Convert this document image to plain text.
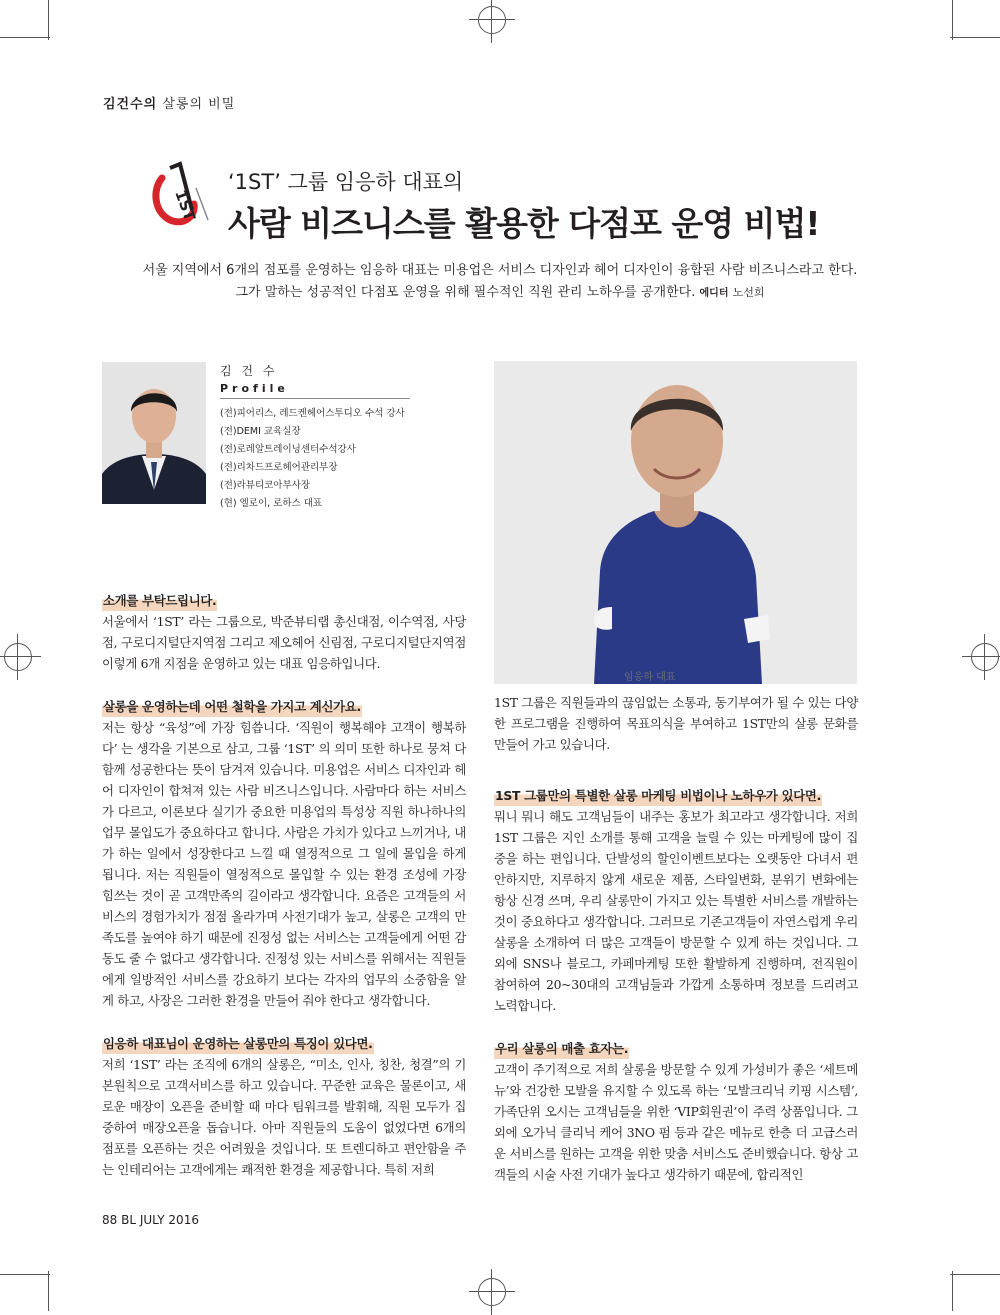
김건수의 살롱의 비밀
1ST
‘1ST’ 그룹 임응하 대표의
사람 비즈니스를 활용한 다점포 운영 비법!
서울 지역에서 6개의 점포를 운영하는 임응하 대표는 미용업은 서비스 디자인과 헤어 디자인이 융합된 사람 비즈니스라고 한다.
그가 말하는 성공적인 다점포 운영을 위해 필수적인 직원 관리 노하우를 공개한다. 에디터 노선희
김 건 수
Profile
(전)피어리스, 레드켄헤어스투디오 수석 강사
(전)DEMI 교육실장
(전)로레알트레이닝센터수석강사
(전)리차드프로헤어관리부장
(전)라뷰티코아부사장
(현) 엘로이, 로하스 대표
임응하 대표
소개를 부탁드립니다.
서울에서 ‘1ST’ 라는 그룹으로, 박준뷰티랩 총신대점, 이수역점, 사당점, 구로디지털단지역점 그리고 제오헤어 신림점, 구로디지털단지역점 이렇게 6개 지점을 운영하고 있는 대표 임응하입니다.
살롱을 운영하는데 어떤 철학을 가지고 계신가요.
저는 항상 “육성”에 가장 힘씁니다. ‘직원이 행복해야 고객이 행복하다’ 는 생각을 기본으로 삼고, 그룹 ‘1ST’ 의 의미 또한 하나로 뭉쳐 다함께 성공한다는 뜻이 담겨져 있습니다. 미용업은 서비스 디자인과 헤어 디자인이 합쳐져 있는 사람 비즈니스입니다. 사람마다 하는 서비스가 다르고, 이론보다 실기가 중요한 미용업의 특성상 직원 하나하나의 업무 몰입도가 중요하다고 합니다. 사람은 가치가 있다고 느끼거나, 내가 하는 일에서 성장한다고 느낄 때 열정적으로 그 일에 몰입을 하게 됩니다. 저는 직원들이 열정적으로 몰입할 수 있는 환경 조성에 가장 힘쓰는 것이 곧 고객만족의 길이라고 생각합니다. 요즘은 고객들의 서비스의 경험가치가 점점 올라가며 사전기대가 높고, 살롱은 고객의 만족도를 높여야 하기 때문에 진정성 없는 서비스는 고객들에게 어떤 감동도 줄 수 없다고 생각합니다. 진정성 있는 서비스를 위해서는 직원들에게 일방적인 서비스를 강요하기 보다는 각자의 업무의 소중함을 알게 하고, 사장은 그러한 환경을 만들어 줘야 한다고 생각합니다.
임응하 대표님이 운영하는 살롱만의 특징이 있다면.
저희 ‘1ST’ 라는 조직에 6개의 살롱은, “미소, 인사, 칭찬, 청결”의 기본원칙으로 고객서비스를 하고 있습니다. 꾸준한 교육은 물론이고, 새로운 매장이 오픈을 준비할 때 마다 팀워크를 발휘해, 직원 모두가 집중하여 매장오픈을 돕습니다. 아마 직원들의 도움이 없었다면 6개의 점포를 오픈하는 것은 어려웠을 것입니다. 또 트렌디하고 편안함을 주는 인테리어는 고객에게는 쾌적한 환경을 제공합니다. 특히 저희
1ST 그룹은 직원들과의 끊임없는 소통과, 동기부여가 될 수 있는 다양한 프로그램을 진행하여 목표의식을 부여하고 1ST만의 살롱 문화를 만들어 가고 있습니다.
1ST 그룹만의 특별한 살롱 마케팅 비법이나 노하우가 있다면.
뭐니 뭐니 해도 고객님들이 내주는 홍보가 최고라고 생각합니다. 저희 1ST 그룹은 지인 소개를 통해 고객을 늘릴 수 있는 마케팅에 많이 집중을 하는 편입니다. 단발성의 할인이벤트보다는 오랫동안 다녀서 편안하지만, 지루하지 않게 새로운 제품, 스타일변화, 분위기 변화에는 항상 신경 쓰며, 우리 살롱만이 가지고 있는 특별한 서비스를 개발하는 것이 중요하다고 생각합니다. 그러므로 기존고객들이 자연스럽게 우리 살롱을 소개하여 더 많은 고객들이 방문할 수 있게 하는 것입니다. 그 외에 SNS나 블로그, 카페마케팅 또한 활발하게 진행하며, 전직원이 참여하여 20~30대의 고객님들과 가깝게 소통하며 정보를 드리려고 노력합니다.
우리 살롱의 매출 효자는.
고객이 주기적으로 저희 살롱을 방문할 수 있게 가성비가 좋은 ‘세트메뉴’와 건강한 모발을 유지할 수 있도록 하는 ‘모발크리닉 키핑 시스템’, 가족단위 오시는 고객님들을 위한 ‘VIP회원권’이 주력 상품입니다. 그 외에 오가닉 클리닉 케어 3NO 펌 등과 같은 메뉴로 한층 더 고급스러운 서비스를 원하는 고객을 위한 맞춤 서비스도 준비했습니다. 항상 고객들의 시술 사전 기대가 높다고 생각하기 때문에, 합리적인
88 BL JULY 2016
